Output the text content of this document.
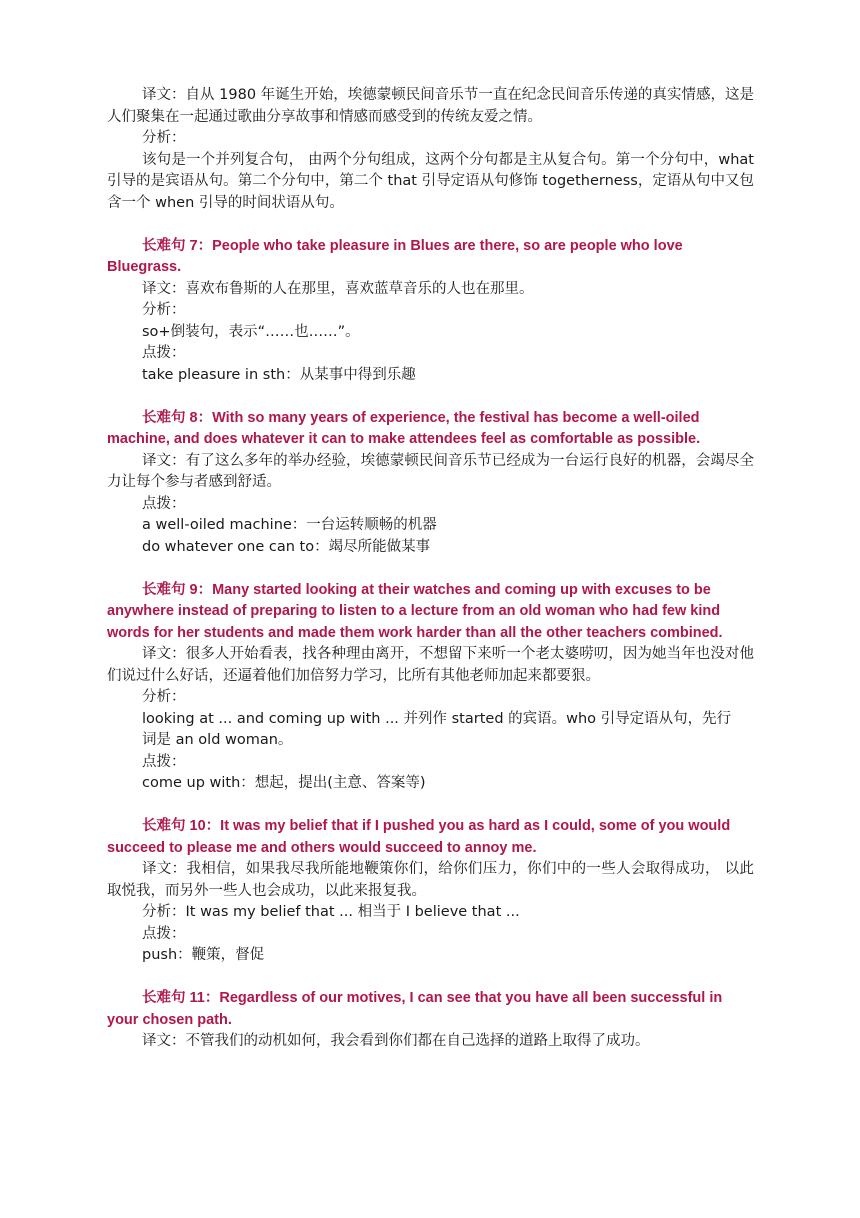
译文：自从 1980 年诞生开始，埃德蒙顿民间音乐节一直在纪念民间音乐传递的真实情感，这是人们聚集在一起通过歌曲分享故事和情感而感受到的传统友爱之情。

分析：

该句是一个并列复合句， 由两个分句组成，这两个分句都是主从复合句。第一个分句中，what 引导的是宾语从句。第二个分句中，第二个 that 引导定语从句修饰 togetherness，定语从句中又包含一个 when 引导的时间状语从句。

长难句 7：People who take pleasure in Blues are there, so are people who love Bluegrass.

译文：喜欢布鲁斯的人在那里，喜欢蓝草音乐的人也在那里。

分析：

so+倒装句，表示“……也……”。

点拨：

take pleasure in sth：从某事中得到乐趣

长难句 8：With so many years of experience, the festival has become a well-oiled machine, and does whatever it can to make attendees feel as comfortable as possible.

译文：有了这么多年的举办经验，埃德蒙顿民间音乐节已经成为一台运行良好的机器，会竭尽全力让每个参与者感到舒适。

点拨：

a well-oiled machine：一台运转顺畅的机器

do whatever one can to：竭尽所能做某事

长难句 9：Many started looking at their watches and coming up with excuses to be anywhere instead of preparing to listen to a lecture from an old woman who had few kind words for her students and made them work harder than all the other teachers combined.

译文：很多人开始看表，找各种理由离开，不想留下来听一个老太婆唠叨，因为她当年也没对他们说过什么好话，还逼着他们加倍努力学习，比所有其他老师加起来都要狠。

分析：

looking at ... and coming up with ... 并列作 started 的宾语。who 引导定语从句，先行

词是 an old woman。

点拨：

come up with：想起，提出(主意、答案等)

长难句 10：It was my belief that if I pushed you as hard as I could, some of you would succeed to please me and others would succeed to annoy me.

译文：我相信，如果我尽我所能地鞭策你们，给你们压力，你们中的一些人会取得成功， 以此取悦我，而另外一些人也会成功，以此来报复我。

分析：It was my belief that ... 相当于 I believe that ...

点拨：

push：鞭策，督促

长难句 11：Regardless of our motives, I can see that you have all been successful in your chosen path.

译文：不管我们的动机如何，我会看到你们都在自己选择的道路上取得了成功。
